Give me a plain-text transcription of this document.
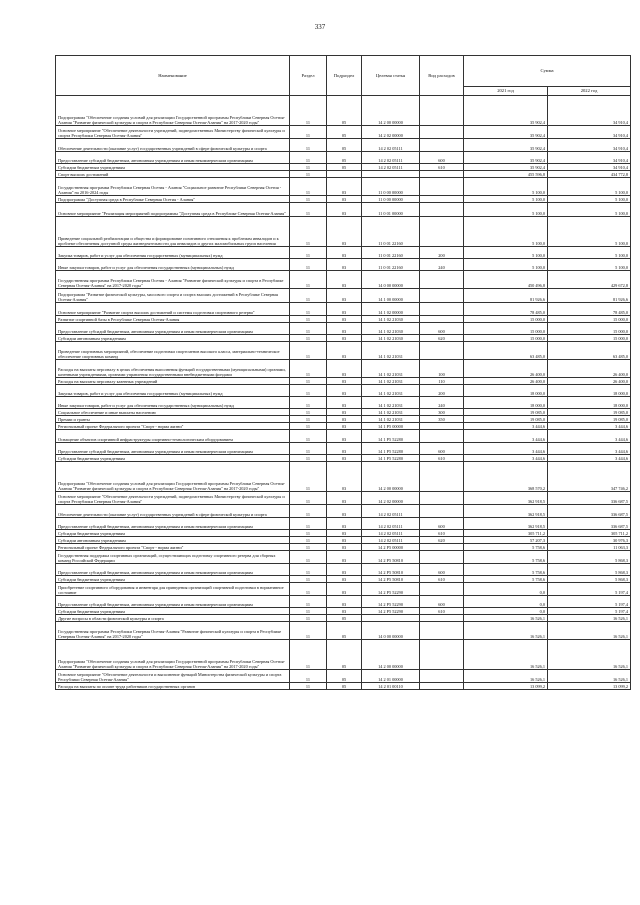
337
Наименование	Раздел	Подраздел	Целевая статья	Вид расходов	Сумма	
					2021 год	2022 год
Подпрограмма "Обеспечение создания условий для реализации Государственной программы Республики Северная Осетия-Алания "Развитие физической культуры и спорта в Республике Северная Осетия-Алания" на 2017-2020 годы"	11	05	14 2 00 00000		35 902,4	34 910,4
Основное мероприятие "Обеспечение деятельности учреждений, подведомственных Министерству физической культуры и спорта Республики Северная Осетия-Алания"	11	05	14 2 02 00000		35 902,4	34 910,4
Обеспечение деятельности (оказание услуг) государственных учреждений в сфере физической культуры и спорта	11	05	14 2 02 05111		35 902,4	34 910,4
Предоставление субсидий бюджетным, автономным учреждениям и иным некоммерческим организациям	11	05	14 2 02 05111	600	35 902,4	34 910,4
Субсидии бюджетным учреждениям	11	05	14 2 02 05111	610	35 902,4	34 910,4
Спорт высших достижений	11				455 596,8	434 772,8
Государственная программа Республики Северная Осетия - Алания "Социальное развитие Республики Северная Осетия - Алания" на 2016-2024 годы	11	03	11 0 00 00000		5 100,0	5 100,0
Подпрограмма "Доступная среда в Республике Северная Осетия - Алания"	11	03	11 0 00 00000		5 100,0	5 100,0
Основное мероприятие "Реализация мероприятий подпрограммы "Доступная среда в Республике Северная Осетия-Алания"	11	03	11 0 01 00000		5 100,0	5 100,0
Приведение социальной реабилитации и общества и формирование позитивного отношения к проблемам инвалидов и к проблеме обеспечения доступной среды жизнедеятельности для инвалидов и других маломобильных групп населения	11	03	11 0 01 22160		5 100,0	5 100,0
Закупка товаров, работ и услуг для обеспечения государственных (муниципальных) нужд	11	03	11 0 01 22160	200	5 100,0	5 100,0
Иные закупки товаров, работ и услуг для обеспечения государственных (муниципальных) нужд	11	03	11 0 01 22160	240	5 100,0	5 100,0
Государственная программа Республики Северная Осетия - Алания "Развитие физической культуры и спорта в Республике Северная Осетия-Алания" на 2017-2020 годы"	11	03	14 0 00 00000		450 496,8	429 672,8
Подпрограмма "Развитие физической культуры, массового спорта и спорта высших достижений в Республике Северная Осетия-Алания"	11	03	14 1 00 00000		81 926,6	81 926,6
Основное мероприятие "Развитие спорта высших достижений и системы подготовки спортивного резерва"	11	03	14 1 02 00000		78 485,0	78 485,0
Развитие спортивной базы в Республике Северная Осетия-Алания	11	03	14 1 02 21030		15 000,0	15 000,0
Предоставление субсидий бюджетным, автономным учреждениям и иным некоммерческим организациям	11	03	14 1 02 21030	600	15 000,0	15 000,0
Субсидии автономным учреждениям	11	03	14 1 02 21030	620	15 000,0	15 000,0
Проведение спортивных мероприятий, обеспечение подготовки спортсменов высокого класса, материально-техническое обеспечение спортивных команд	11	03	14 1 02 21031		63 485,0	63 485,0
Расходы на выплаты персоналу в целях обеспечения выполнения функций государственными (муниципальными) органами, казенными учреждениями, органами управления государственными внебюджетными фондами	11	03	14 1 02 21031	100	26 400,0	26 400,0
Расходы на выплаты персоналу казенных учреждений	11	03	14 1 02 21031	110	26 400,0	26 400,0
Закупка товаров, работ и услуг для обеспечения государственных (муниципальных) нужд	11	03	14 1 02 21031	200	18 000,0	18 000,0
Иные закупки товаров, работ и услуг для обеспечения государственных (муниципальных) нужд	11	03	14 1 02 21031	240	18 000,0	18 000,0
Социальное обеспечение и иные выплаты населению	11	03	14 1 02 21031	300	19 085,0	19 085,0
Премии и гранты	11	03	14 1 02 21031	350	19 085,0	19 085,0
Региональный проект Федерального проекта "Спорт - норма жизни"	11	03	14 1 P5 00000		3 444,6	3 444,6
Оснащение объектов спортивной инфраструктуры спортивно-технологическим оборудованием	11	03	14 1 P5 52280		3 444,6	3 444,6
Предоставление субсидий бюджетным, автономным учреждениям и иным некоммерческим организациям	11	03	14 1 P5 52280	600	3 444,6	3 444,6
Субсидии бюджетным учреждениям	11	03	14 1 P5 52280	610	3 444,6	3 444,6
Подпрограмма "Обеспечение создания условий для реализации Государственной программы Республики Северная Осетия-Алания "Развитие физической культуры и спорта в Республике Северная Осетия-Алания" на 2017-2020 годы"	11	03	14 2 00 00000		368 570,2	347 746,2
Основное мероприятие "Обеспечение деятельности учреждений, подведомственных Министерству физической культуры и спорта Республики Северная Осетия-Алания"	11	03	14 2 02 00000		362 918,5	336 687,5
Обеспечение деятельности (оказание услуг) государственных учреждений в сфере физической культуры и спорта	11	03	14 2 02 05111		362 918,5	336 687,5
Предоставление субсидий бюджетным, автономным учреждениям и иным некоммерческим организациям	11	03	14 2 02 05111	600	362 918,5	336 687,5
Субсидии бюджетным учреждениям	11	03	14 2 02 05111	610	305 711,2	305 711,2
Субсидии автономным учреждениям	11	03	14 2 02 05111	620	57 207,3	30 976,3
Региональный проект Федерального проекта "Спорт - норма жизни"	11	03	14 2 P5 00000		5 758,6	11 063,3
Государственная поддержка спортивных организаций, осуществляющих подготовку спортивного резерва для сборных команд Российской Федерации	11	03	14 2 P5 50810		5 758,6	5 868,3
Предоставление субсидий бюджетным, автономным учреждениям и иным некоммерческим организациям	11	03	14 2 P5 50810	600	5 758,6	5 868,3
Субсидии бюджетным учреждениям	11	03	14 2 P5 50810	610	5 758,6	5 868,3
Приобретение спортивного оборудования и инвентаря для приведения организаций спортивной подготовки в нормативное состояние	11	03	14 2 P5 52290		0,0	5 197,4
Предоставление субсидий бюджетным, автономным учреждениям и иным некоммерческим организациям	11	03	14 2 P5 52290	600	0,0	5 197,4
Субсидии бюджетным учреждениям	11	03	14 2 P5 52290	610	0,0	5 197,4
Другие вопросы в области физической культуры и спорта	11	05			16 526,1	16 526,1
Государственная программа Республики Северная Осетия-Алания "Развитие физической культуры и спорта в Республике Северная Осетия-Алания" на 2017-2020 годы"	11	05	14 0 00 00000		16 526,1	16 526,1
Подпрограмма "Обеспечение создания условий для реализации Государственной программы Республики Северная Осетия-Алания "Развитие физической культуры и спорта в Республике Северная Осетия-Алания" на 2017-2020 годы"	11	05	14 2 00 00000		16 526,1	16 526,1
Основное мероприятие "Обеспечение деятельности и выполнение функций Министерства физической культуры и спорта Республики Северная Осетия-Алания"	11	05	14 2 01 00000		16 526,1	16 526,1
Расходы на выплаты по оплате труда работников государственных органов	11	05	14 2 01 00110		13 099,2	13 099,2
